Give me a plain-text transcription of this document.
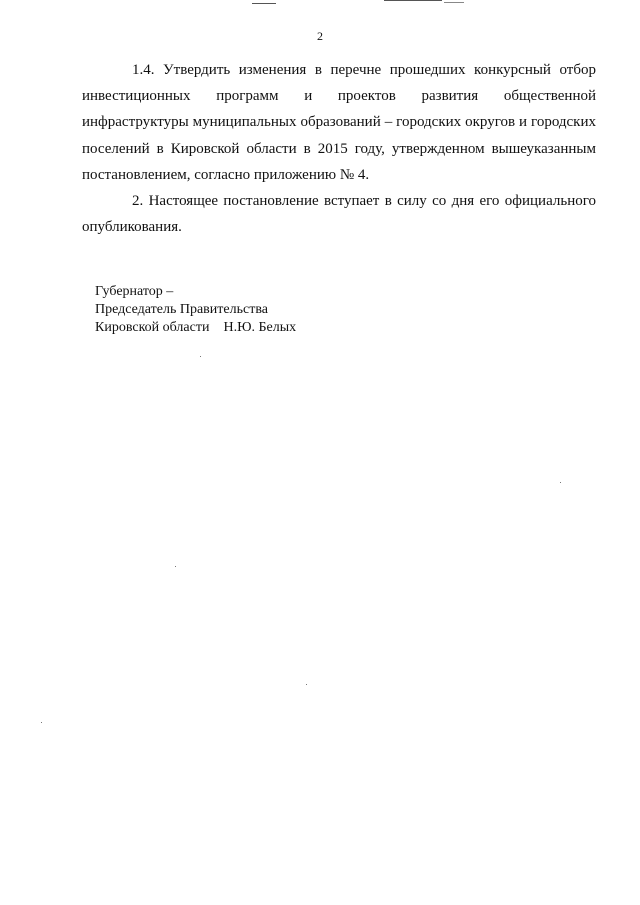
2

1.4. Утвердить изменения в перечне прошедших конкурсный отбор инвестиционных программ и проектов развития общественной инфраструктуры муниципальных образований – городских округов и городских поселений в Кировской области в 2015 году, утвержденном вышеуказанным постановлением, согласно приложению № 4.

2. Настоящее постановление вступает в силу со дня его официального опубликования.

Губернатор –
Председатель Правительства
Кировской области Н.Ю. Белых
